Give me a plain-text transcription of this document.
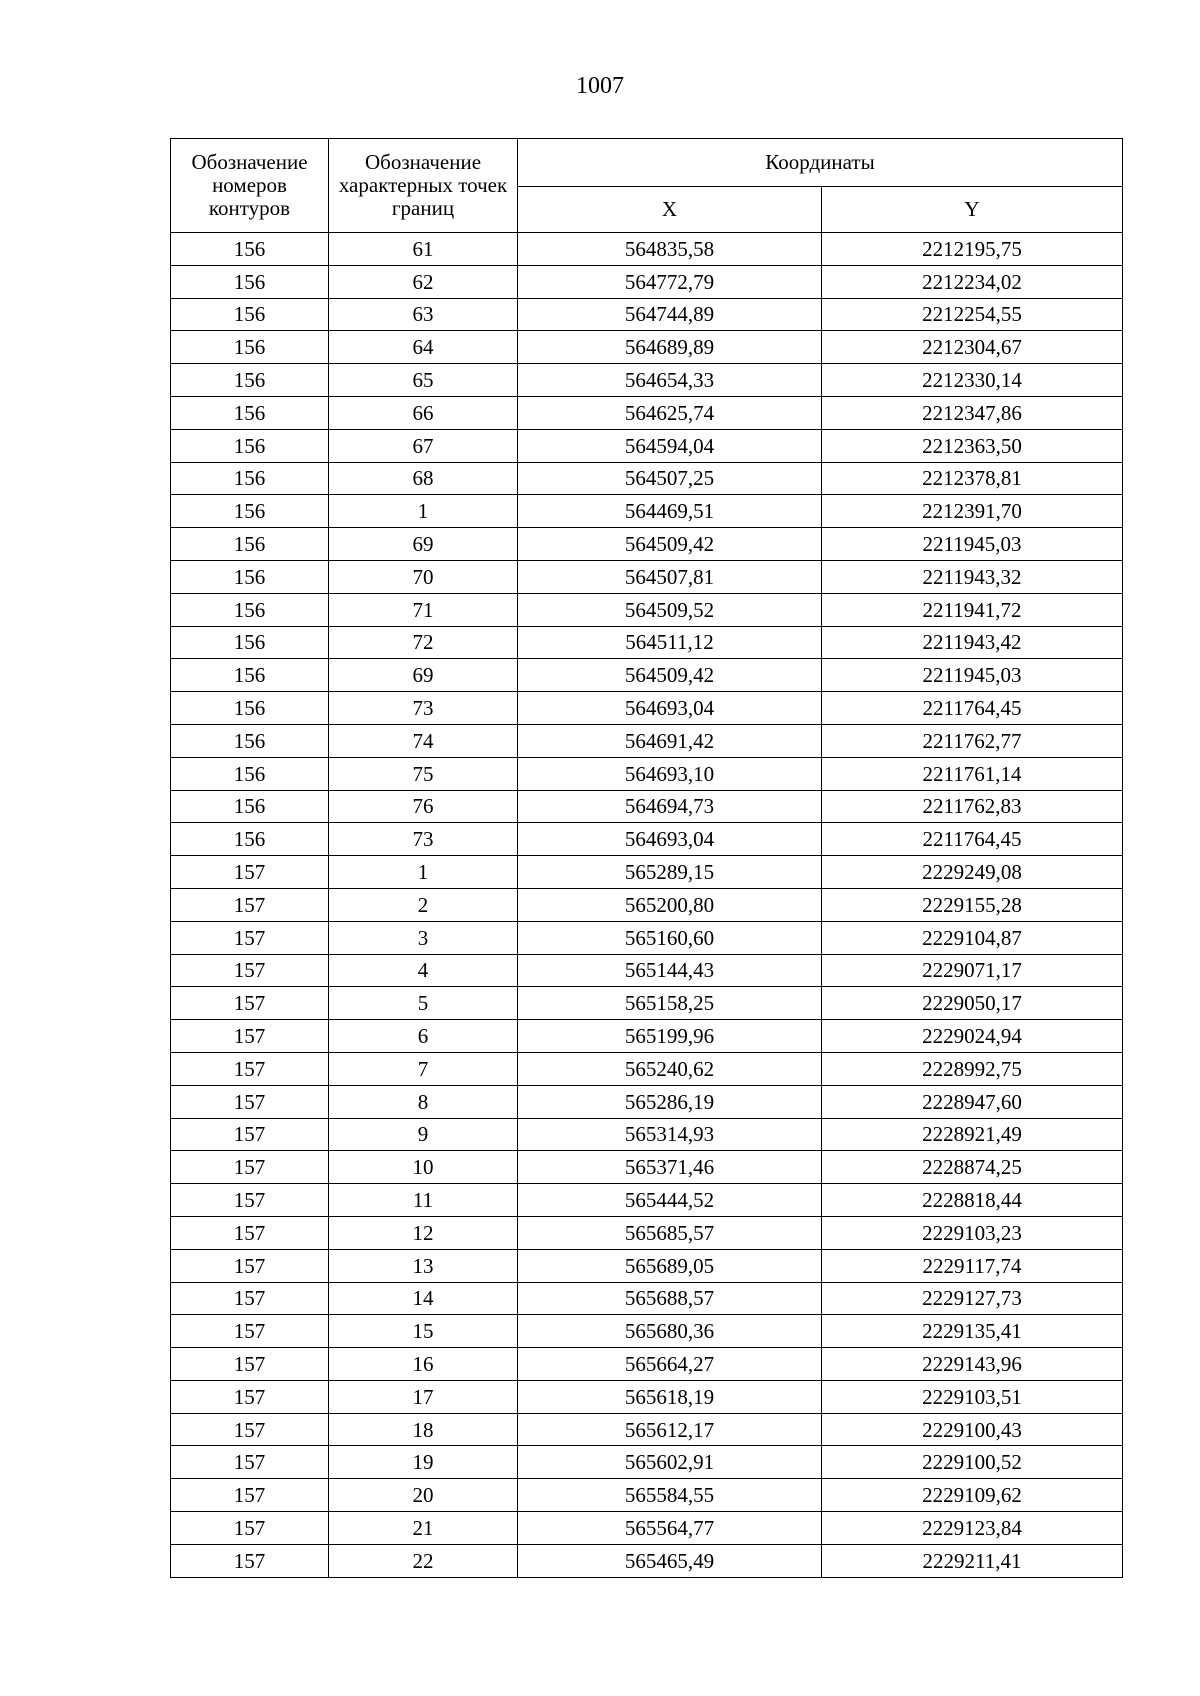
1007
Обозначение номеров контуров	Обозначение характерных точек границ	Координаты	
		X	Y
156	61	564835,58	2212195,75
156	62	564772,79	2212234,02
156	63	564744,89	2212254,55
156	64	564689,89	2212304,67
156	65	564654,33	2212330,14
156	66	564625,74	2212347,86
156	67	564594,04	2212363,50
156	68	564507,25	2212378,81
156	1	564469,51	2212391,70
156	69	564509,42	2211945,03
156	70	564507,81	2211943,32
156	71	564509,52	2211941,72
156	72	564511,12	2211943,42
156	69	564509,42	2211945,03
156	73	564693,04	2211764,45
156	74	564691,42	2211762,77
156	75	564693,10	2211761,14
156	76	564694,73	2211762,83
156	73	564693,04	2211764,45
157	1	565289,15	2229249,08
157	2	565200,80	2229155,28
157	3	565160,60	2229104,87
157	4	565144,43	2229071,17
157	5	565158,25	2229050,17
157	6	565199,96	2229024,94
157	7	565240,62	2228992,75
157	8	565286,19	2228947,60
157	9	565314,93	2228921,49
157	10	565371,46	2228874,25
157	11	565444,52	2228818,44
157	12	565685,57	2229103,23
157	13	565689,05	2229117,74
157	14	565688,57	2229127,73
157	15	565680,36	2229135,41
157	16	565664,27	2229143,96
157	17	565618,19	2229103,51
157	18	565612,17	2229100,43
157	19	565602,91	2229100,52
157	20	565584,55	2229109,62
157	21	565564,77	2229123,84
157	22	565465,49	2229211,41
